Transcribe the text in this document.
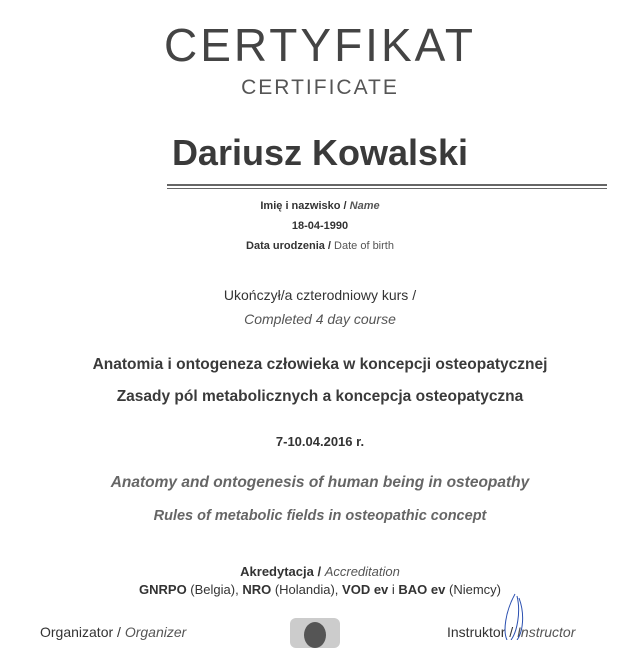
CERTYFIKAT
CERTIFICATE
Dariusz Kowalski
Imię i nazwisko / Name
18-04-1990
Data urodzenia / Date of birth
Ukończył/a czterodniowy kurs /
Completed 4 day course
Anatomia i ontogeneza człowieka w koncepcji osteopatycznej
Zasady pól metabolicznych a koncepcja osteopatyczna
7-10.04.2016 r.
Anatomy and ontogenesis of human being in osteopathy
Rules of metabolic fields in osteopathic concept
Akredytacja / Accreditation
GNRPO (Belgia), NRO (Holandia), VOD ev i BAO ev (Niemcy)
Organizator / Organizer	Instruktor / Instructor
